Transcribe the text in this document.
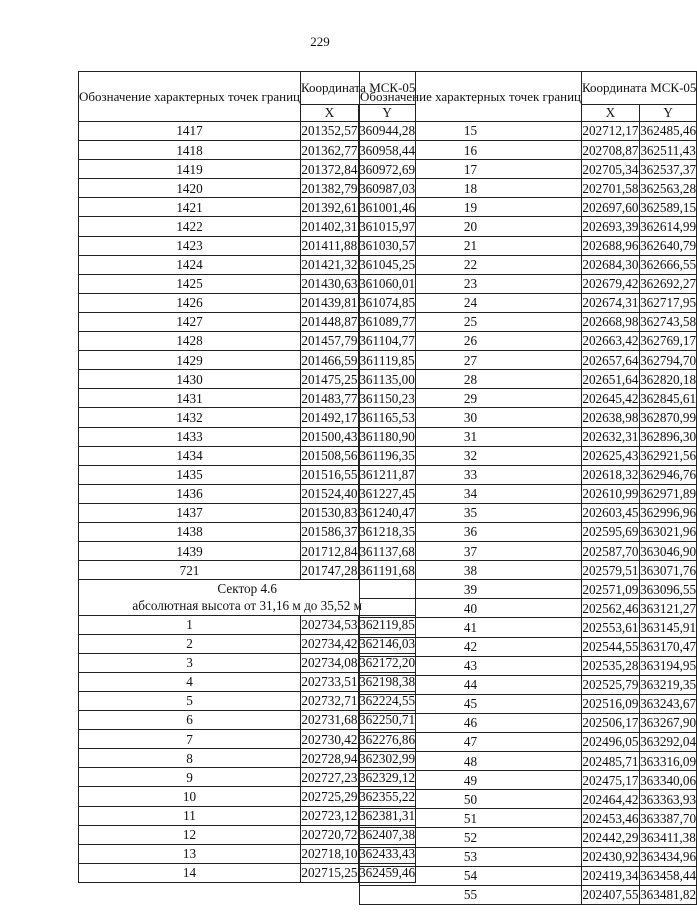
229
Обозначение характерных точек границ	Координата МСК-05	
	X	Y
1417	201352,57	360944,28
1418	201362,77	360958,44
1419	201372,84	360972,69
1420	201382,79	360987,03
1421	201392,61	361001,46
1422	201402,31	361015,97
1423	201411,88	361030,57
1424	201421,32	361045,25
1425	201430,63	361060,01
1426	201439,81	361074,85
1427	201448,87	361089,77
1428	201457,79	361104,77
1429	201466,59	361119,85
1430	201475,25	361135,00
1431	201483,77	361150,23
1432	201492,17	361165,53
1433	201500,43	361180,90
1434	201508,56	361196,35
1435	201516,55	361211,87
1436	201524,40	361227,45
1437	201530,83	361240,47
1438	201586,37	361218,35
1439	201712,84	361137,68
721	201747,28	361191,68

Сектор 4.6
абсолютная высота от 31,16 м до 35,52 м		

1	202734,53	362119,85
2	202734,42	362146,03
3	202734,08	362172,20
4	202733,51	362198,38
5	202732,71	362224,55
6	202731,68	362250,71
7	202730,42	362276,86
8	202728,94	362302,99
9	202727,23	362329,12
10	202725,29	362355,22
11	202723,12	362381,31
12	202720,72	362407,38
13	202718,10	362433,43
14	202715,25	362459,46
Обозначение характерных точек границ	Координата МСК-05	
	X	Y
15	202712,17	362485,46
16	202708,87	362511,43
17	202705,34	362537,37
18	202701,58	362563,28
19	202697,60	362589,15
20	202693,39	362614,99
21	202688,96	362640,79
22	202684,30	362666,55
23	202679,42	362692,27
24	202674,31	362717,95
25	202668,98	362743,58
26	202663,42	362769,17
27	202657,64	362794,70
28	202651,64	362820,18
29	202645,42	362845,61
30	202638,98	362870,99
31	202632,31	362896,30
32	202625,43	362921,56
33	202618,32	362946,76
34	202610,99	362971,89
35	202603,45	362996,96
36	202595,69	363021,96
37	202587,70	363046,90
38	202579,51	363071,76
39	202571,09	363096,55
40	202562,46	363121,27
41	202553,61	363145,91
42	202544,55	363170,47
43	202535,28	363194,95
44	202525,79	363219,35
45	202516,09	363243,67
46	202506,17	363267,90
47	202496,05	363292,04
48	202485,71	363316,09
49	202475,17	363340,06
50	202464,42	363363,93
51	202453,46	363387,70
52	202442,29	363411,38
53	202430,92	363434,96
54	202419,34	363458,44
55	202407,55	363481,82
